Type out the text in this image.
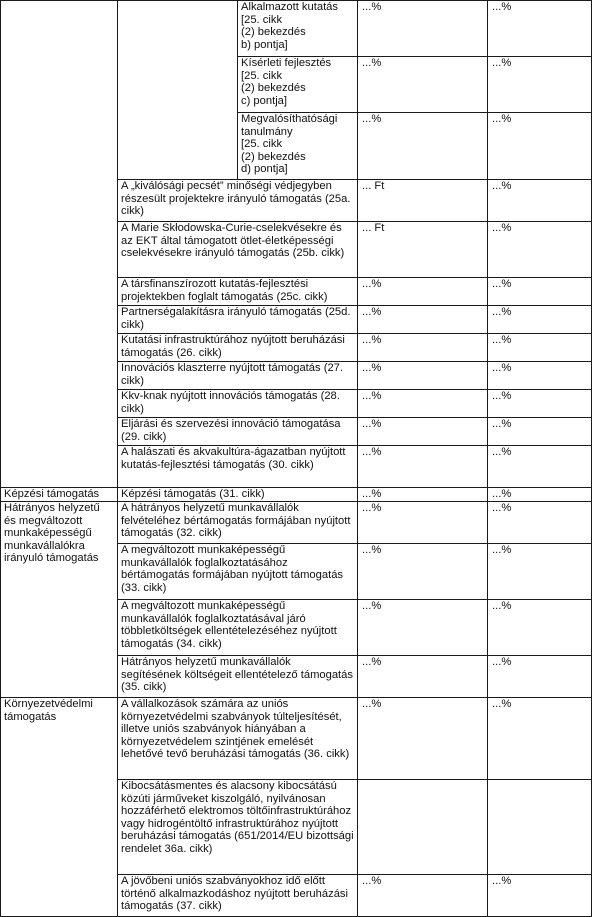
		Alkalmazott kutatás
[25. cikk
(2) bekezdés
b) pontja]	...%	...%
		Kísérleti fejlesztés
[25. cikk
(2) bekezdés
c) pontja]	...%	...%
		Megvalósíthatósági tanulmány
[25. cikk
(2) bekezdés
d) pontja]	...%	...%
	A „kiválósági pecsét” minőségi védjegyben részesült projektekre irányuló támogatás (25a. cikk)		... Ft	...%
	A Marie Skłodowska-Curie-cselekvésekre és az EKT által támogatott ötlet-életképességi cselekvésekre irányuló támogatás (25b. cikk)		... Ft	...%
	A társfinanszírozott kutatás-fejlesztési projektekben foglalt támogatás (25c. cikk)		...%	...%
	Partnerségalakításra irányuló támogatás (25d. cikk)		...%	...%
	Kutatási infrastruktúrához nyújtott beruházási támogatás (26. cikk)		...%	...%
	Innovációs klaszterre nyújtott támogatás (27. cikk)		...%	...%
	Kkv-knak nyújtott innovációs támogatás (28. cikk)		...%	...%
	Eljárási és szervezési innováció támogatása (29. cikk)		...%	...%
	A halászati és akvakultúra-ágazatban nyújtott kutatás-fejlesztési támogatás (30. cikk)		...%	...%
Képzési támogatás	Képzési támogatás (31. cikk)		...%	...%
Hátrányos helyzetű és megváltozott munkaképességű munkavállalókra irányuló támogatás	A hátrányos helyzetű munkavállalók felvételéhez bértámogatás formájában nyújtott támogatás (32. cikk)		...%	...%
	A megváltozott munkaképességű munkavállalók foglalkoztatásához bértámogatás formájában nyújtott támogatás (33. cikk)		...%	...%
	A megváltozott munkaképességű munkavállalók foglalkoztatásával járó többletköltségek ellentételezéséhez nyújtott támogatás (34. cikk)		...%	...%
	Hátrányos helyzetű munkavállalók segítésének költségeit ellentételező támogatás (35. cikk)		...%	...%
Környezetvédelmi támogatás	A vállalkozások számára az uniós környezetvédelmi szabványok túlteljesítését, illetve uniós szabványok hiányában a környezetvédelem szintjének emelését lehetővé tevő beruházási támogatás (36. cikk)		...%	...%
	Kibocsátásmentes és alacsony kibocsátású közúti járműveket kiszolgáló, nyilvánosan hozzáférhető elektromos töltőinfrastruktúrához vagy hidrogéntöltő infrastruktúrához nyújtott beruházási támogatás (651/2014/EU bizottsági rendelet 36a. cikk)			
	A jövőbeni uniós szabványokhoz idő előtt történő alkalmazkodáshoz nyújtott beruházási támogatás (37. cikk)		...%	...%
